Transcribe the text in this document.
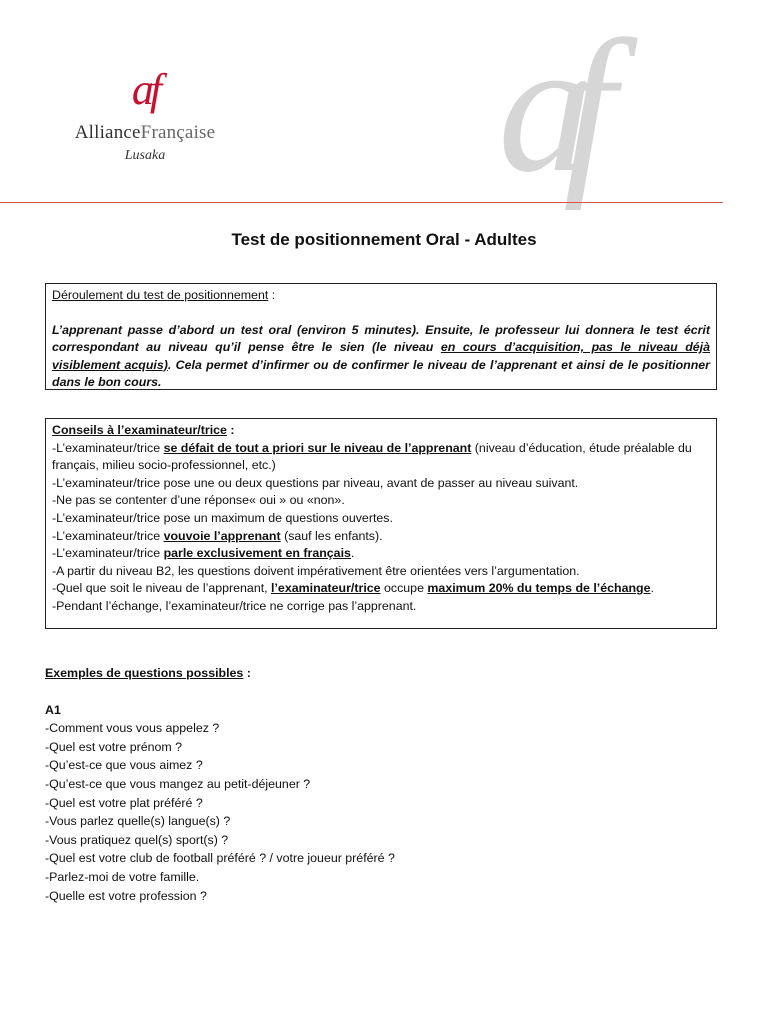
af
AllianceFrançaise
Lusaka	af
Test de positionnement Oral - Adultes
Déroulement du test de positionnement :
L’apprenant passe d’abord un test oral (environ 5 minutes). Ensuite, le professeur lui donnera le test écrit correspondant au niveau qu’il pense être le sien (le niveau en cours d’acquisition, pas le niveau déjà visiblement acquis). Cela permet d’infirmer ou de confirmer le niveau de l’apprenant et ainsi de le positionner dans le bon cours.
Conseils à l’examinateur/trice :
-L’examinateur/trice se défait de tout a priori sur le niveau de l’apprenant (niveau d’éducation, étude préalable du français, milieu socio-professionnel, etc.)
-L’examinateur/trice pose une ou deux questions par niveau, avant de passer au niveau suivant.
-Ne pas se contenter d’une réponse« oui » ou «non».
-L’examinateur/trice pose un maximum de questions ouvertes.
-L’examinateur/trice vouvoie l’apprenant (sauf les enfants).
-L’examinateur/trice parle exclusivement en français.
-A partir du niveau B2, les questions doivent impérativement être orientées vers l’argumentation.
-Quel que soit le niveau de l’apprenant, l’examinateur/trice occupe maximum 20% du temps de l’échange.
-Pendant l’échange, l’examinateur/trice ne corrige pas l’apprenant.
Exemples de questions possibles :
A1
-Comment vous vous appelez ?
-Quel est votre prénom ?
-Qu’est-ce que vous aimez ?
-Qu’est-ce que vous mangez au petit-déjeuner ?
-Quel est votre plat préféré ?
-Vous parlez quelle(s) langue(s) ?
-Vous pratiquez quel(s) sport(s) ?
-Quel est votre club de football préféré ? / votre joueur préféré ?
-Parlez-moi de votre famille.
-Quelle est votre profession ?
